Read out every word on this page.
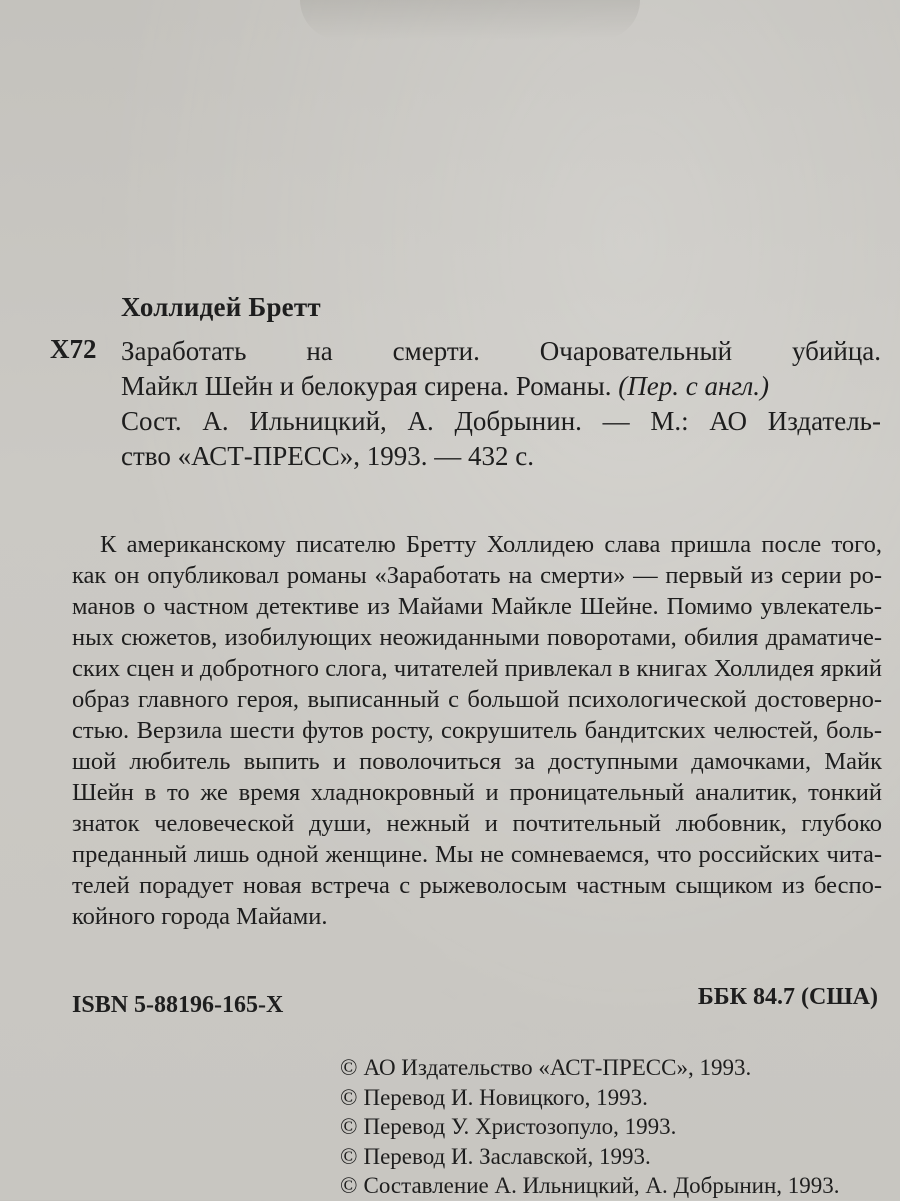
Холлидей Бретт
Х72 Заработать на смерти. Очаровательный убийца.
Майкл Шейн и белокурая сирена. Романы. (Пер. с англ.)
Сост. А. Ильницкий, А. Добрынин. — М.: АО Издатель-
ство «АСТ-ПРЕСС», 1993. — 432 с.
К американскому писателю Бретту Холлидею слава пришла после того,
как он опубликовал романы «Заработать на смерти» — первый из серии ро-
манов о частном детективе из Майами Майкле Шейне. Помимо увлекатель-
ных сюжетов, изобилующих неожиданными поворотами, обилия драматиче-
ских сцен и добротного слога, читателей привлекал в книгах Холлидея яркий
образ главного героя, выписанный с большой психологической достоверно-
стью. Верзила шести футов росту, сокрушитель бандитских челюстей, боль-
шой любитель выпить и поволочиться за доступными дамочками, Майк
Шейн в то же время хладнокровный и проницательный аналитик, тонкий
знаток человеческой души, нежный и почтительный любовник, глубоко
преданный лишь одной женщине. Мы не сомневаемся, что российских чита-
телей порадует новая встреча с рыжеволосым частным сыщиком из беспо-
койного города Майами.
ISBN 5-88196-165-X	ББК 84.7 (США)
© АО Издательство «АСТ-ПРЕСС», 1993.
© Перевод И. Новицкого, 1993.
© Перевод У. Христозопуло, 1993.
© Перевод И. Заславской, 1993.
© Составление А. Ильницкий, А. Добрынин, 1993.
